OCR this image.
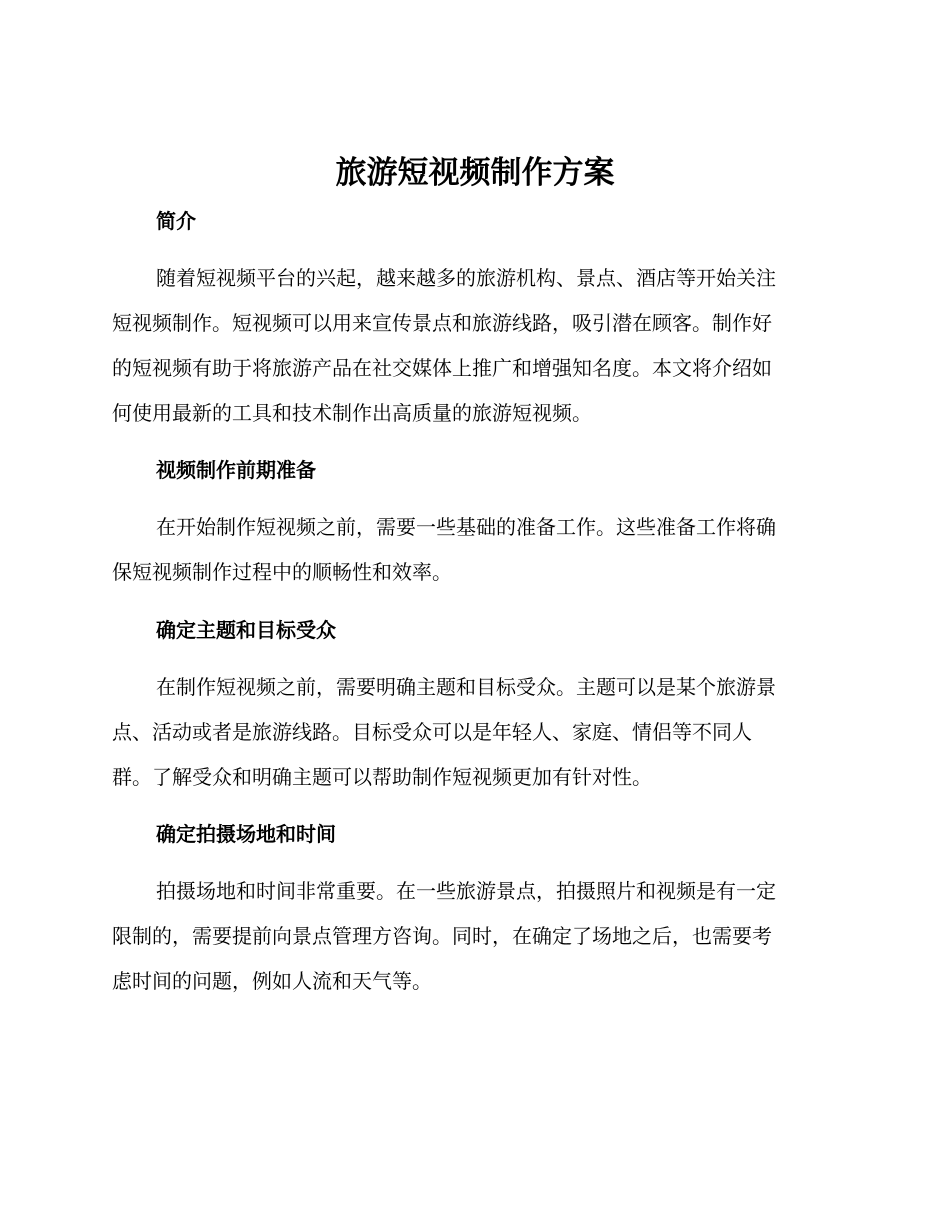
旅游短视频制作方案
简介
随着短视频平台的兴起，越来越多的旅游机构、景点、酒店等开始关注
短视频制作。短视频可以用来宣传景点和旅游线路，吸引潜在顾客。制作好
的短视频有助于将旅游产品在社交媒体上推广和增强知名度。本文将介绍如
何使用最新的工具和技术制作出高质量的旅游短视频。
视频制作前期准备
在开始制作短视频之前，需要一些基础的准备工作。这些准备工作将确
保短视频制作过程中的顺畅性和效率。
确定主题和目标受众
在制作短视频之前，需要明确主题和目标受众。主题可以是某个旅游景
点、活动或者是旅游线路。目标受众可以是年轻人、家庭、情侣等不同人
群。了解受众和明确主题可以帮助制作短视频更加有针对性。
确定拍摄场地和时间
拍摄场地和时间非常重要。在一些旅游景点，拍摄照片和视频是有一定
限制的，需要提前向景点管理方咨询。同时，在确定了场地之后，也需要考
虑时间的问题，例如人流和天气等。
